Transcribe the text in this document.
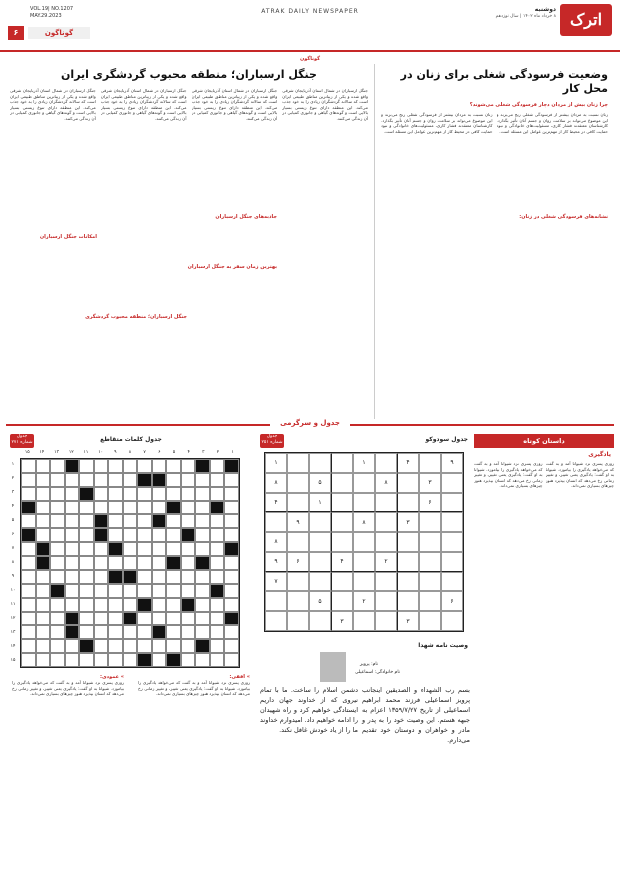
اترک
دوشنبه
۸ خرداد ماه ۱۴۰۲ | سال نوزدهم
ATRAK DAILY NEWSPAPER
VOL.19| NO.1207
MAY.29.2023
۶	گوناگون
گوناگون
وضعیت فرسودگی شغلی برای زنان در محل کار
چرا زنان بیش از مردان دچار فرسودگی شغلی می‌شوند؟
زنان نسبت به مردان بیشتر از فرسودگی شغلی رنج می‌برند و این موضوع می‌تواند بر سلامت روان و جسم آنان تأثیر بگذارد. کارشناسان معتقدند فشار کاری، مسئولیت‌های خانوادگی و نبود حمایت کافی در محیط کار از مهم‌ترین عوامل این مسئله است.
زنان نسبت به مردان بیشتر از فرسودگی شغلی رنج می‌برند و این موضوع می‌تواند بر سلامت روان و جسم آنان تأثیر بگذارد. کارشناسان معتقدند فشار کاری، مسئولیت‌های خانوادگی و نبود حمایت کافی در محیط کار از مهم‌ترین عوامل این مسئله است.
نشانه‌های فرسودگی شغلی در زنان:
جنگل ارسباران؛ منطقه محبوب گردشگری ایران
جنگل ارسباران در شمال استان آذربایجان شرقی واقع شده و یکی از زیباترین مناطق طبیعی ایران است که سالانه گردشگران زیادی را به خود جذب می‌کند. این منطقه دارای تنوع زیستی بسیار بالایی است و گونه‌های گیاهی و جانوری کمیابی در آن زندگی می‌کنند.
جنگل ارسباران در شمال استان آذربایجان شرقی واقع شده و یکی از زیباترین مناطق طبیعی ایران است که سالانه گردشگران زیادی را به خود جذب می‌کند. این منطقه دارای تنوع زیستی بسیار بالایی است و گونه‌های گیاهی و جانوری کمیابی در آن زندگی می‌کنند.
جنگل ارسباران در شمال استان آذربایجان شرقی واقع شده و یکی از زیباترین مناطق طبیعی ایران است که سالانه گردشگران زیادی را به خود جذب می‌کند. این منطقه دارای تنوع زیستی بسیار بالایی است و گونه‌های گیاهی و جانوری کمیابی در آن زندگی می‌کنند.
جنگل ارسباران در شمال استان آذربایجان شرقی واقع شده و یکی از زیباترین مناطق طبیعی ایران است که سالانه گردشگران زیادی را به خود جذب می‌کند. این منطقه دارای تنوع زیستی بسیار بالایی است و گونه‌های گیاهی و جانوری کمیابی در آن زندگی می‌کنند.
جاذبه‌های جنگل ارسباران
بهترین زمان سفر به جنگل ارسباران
جنگل ارسباران؛ منطقه محبوب گردشگری
امکانات جنگل ارسباران
جدول و سرگرمی
داستان کوتاه
یادگیری
روزی پسری نزد شیوانا آمد و به گفت که می‌خواهد یادگیری را بیاموزد. شیوانا به او گفت: یادگیری یعنی تغییر، و تغییر زمانی رخ می‌دهد که انسان بپذیرد هنوز چیزهای بسیاری نمی‌داند.
روزی پسری نزد شیوانا آمد و به گفت که می‌خواهد یادگیری را بیاموزد. شیوانا به او گفت: یادگیری یعنی تغییر، و تغییر زمانی رخ می‌دهد که انسان بپذیرد هنوز چیزهای بسیاری نمی‌داند.
جدول سودوکو
جدول شماره ۲۵۱
۹
۴
۱
۱
۳
۸
۵
۸
۶
۱
۴
۳
۸
۹
۸
۲
۴
۶
۹
۷
۶
۲
۵
۳
۳
وصیت نامه شهدا
نام: پرویز
نام خانوادگی: اسماعیلی
بسم رب الشهداء و الصدیقین اینجانب پرویز اسماعیلی فرزند محمد ابراهیم اسماعیلی از تاریخ ۱۳۵۹/۷/۲۷ اعزام به جبهه هستم. این وصیت خود را به پدر و مادر و خواهران و دوستان خود تقدیم می‌دارم.
دشمن اسلام را ساخت. ما با تمام نیروی که از خداوند جهان داریم ایستادگی خواهیم کرد و راه شهیدان را ادامه خواهیم داد. امیدوارم خداوند ما را از یاد خودش غافل نکند.
جدول کلمات متقاطع
جدول شماره ۲۷۱
۱
۲
۳
۴
۵
۶
۷
۸
۹
۱۰
۱۱
۱۲
۱۳
۱۴
۱۵
۱
۲
۳
۴
۵
۶
۷
۸
۹
۱۰
۱۱
۱۲
۱۳
۱۴
۱۵
» افقی:
روزی پسری نزد شیوانا آمد و به گفت که می‌خواهد یادگیری را بیاموزد. شیوانا به او گفت: یادگیری یعنی تغییر، و تغییر زمانی رخ می‌دهد که انسان بپذیرد هنوز چیزهای بسیاری نمی‌داند.
» عمودی:
روزی پسری نزد شیوانا آمد و به گفت که می‌خواهد یادگیری را بیاموزد. شیوانا به او گفت: یادگیری یعنی تغییر، و تغییر زمانی رخ می‌دهد که انسان بپذیرد هنوز چیزهای بسیاری نمی‌داند.
